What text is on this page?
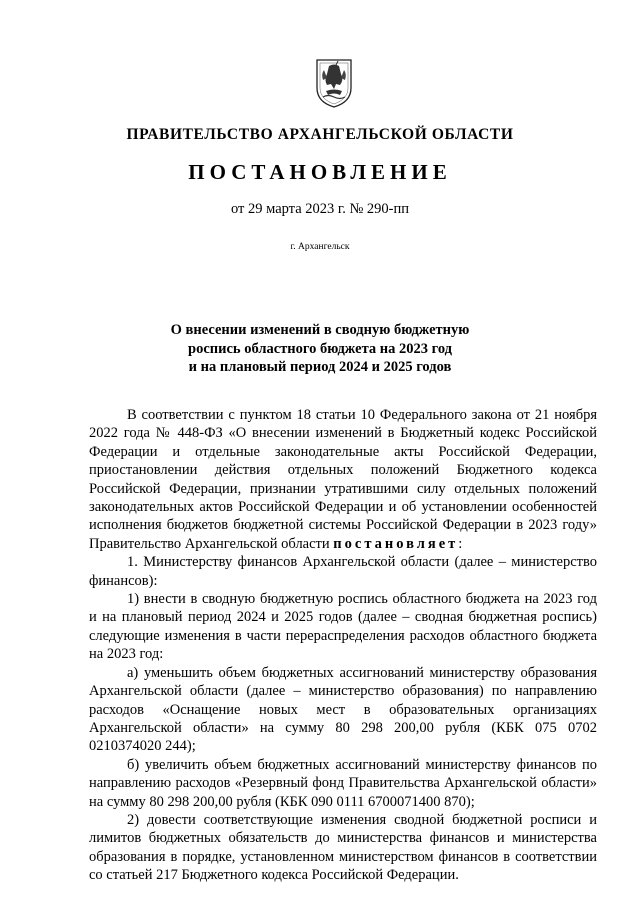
ПРАВИТЕЛЬСТВО АРХАНГЕЛЬСКОЙ ОБЛАСТИ
ПОСТАНОВЛЕНИЕ
от 29 марта 2023 г. № 290-пп
г. Архангельск
О внесении изменений в сводную бюджетную
роспись областного бюджета на 2023 год
и на плановый период 2024 и 2025 годов

В соответствии с пунктом 18 статьи 10 Федерального закона от 21 ноября 2022 года № 448-ФЗ «О внесении изменений в Бюджетный кодекс Российской Федерации и отдельные законодательные акты Российской Федерации, приостановлении действия отдельных положений Бюджетного кодекса Российской Федерации, признании утратившими силу отдельных положений законодательных актов Российской Федерации и об установлении особенностей исполнения бюджетов бюджетной системы Российской Федерации в 2023 году» Правительство Архангельской области постановляет:

1. Министерству финансов Архангельской области (далее – министерство финансов):

1) внести в сводную бюджетную роспись областного бюджета на 2023 год и на плановый период 2024 и 2025 годов (далее – сводная бюджетная роспись) следующие изменения в части перераспределения расходов областного бюджета на 2023 год:

а) уменьшить объем бюджетных ассигнований министерству образования Архангельской области (далее – министерство образования) по направлению расходов «Оснащение новых мест в образовательных организациях Архангельской области» на сумму 80 298 200,00 рубля (КБК 075 0702 0210374020 244);

б) увеличить объем бюджетных ассигнований министерству финансов по направлению расходов «Резервный фонд Правительства Архангельской области» на сумму 80 298 200,00 рубля (КБК 090 0111 6700071400 870);

2) довести соответствующие изменения сводной бюджетной росписи и лимитов бюджетных обязательств до министерства финансов и министерства образования в порядке, установленном министерством финансов в соответствии со статьей 217 Бюджетного кодекса Российской Федерации.
